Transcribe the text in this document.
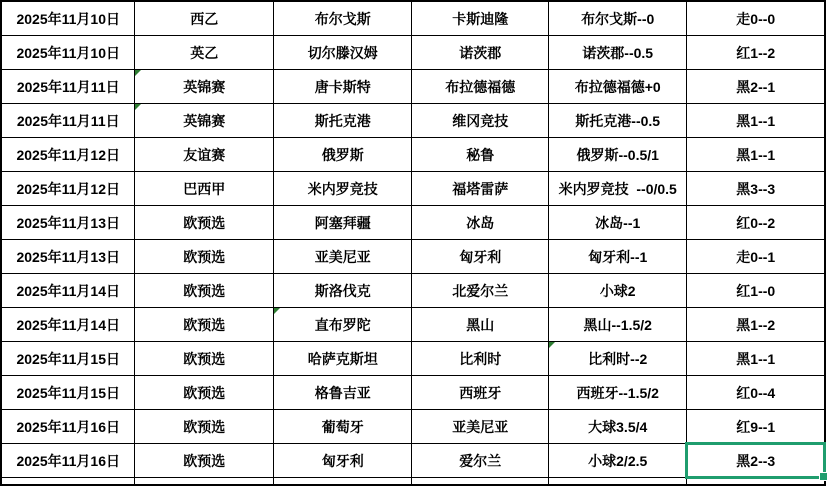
2025年11月10日	西乙	布尔戈斯	卡斯迪隆	布尔戈斯--0	走0--0
2025年11月10日	英乙	切尔滕汉姆	诺茨郡	诺茨郡--0.5	红1--2
2025年11月11日	英锦赛	唐卡斯特	布拉德福德	布拉德福德+0	黑2--1
2025年11月11日	英锦赛	斯托克港	维冈竞技	斯托克港--0.5	黑1--1
2025年11月12日	友谊赛	俄罗斯	秘鲁	俄罗斯--0.5/1	黑1--1
2025年11月12日	巴西甲	米内罗竞技	福塔雷萨	米内罗竞技  --0/0.5	黑3--3
2025年11月13日	欧预选	阿塞拜疆	冰岛	冰岛--1	红0--2
2025年11月13日	欧预选	亚美尼亚	匈牙利	匈牙利--1	走0--1
2025年11月14日	欧预选	斯洛伐克	北爱尔兰	小球2	红1--0
2025年11月14日	欧预选	直布罗陀	黑山	黑山--1.5/2	黑1--2
2025年11月15日	欧预选	哈萨克斯坦	比利时	比利时--2	黑1--1
2025年11月15日	欧预选	格鲁吉亚	西班牙	西班牙--1.5/2	红0--4
2025年11月16日	欧预选	葡萄牙	亚美尼亚	大球3.5/4	红9--1
2025年11月16日	欧预选	匈牙利	爱尔兰	小球2/2.5	黑2--3
